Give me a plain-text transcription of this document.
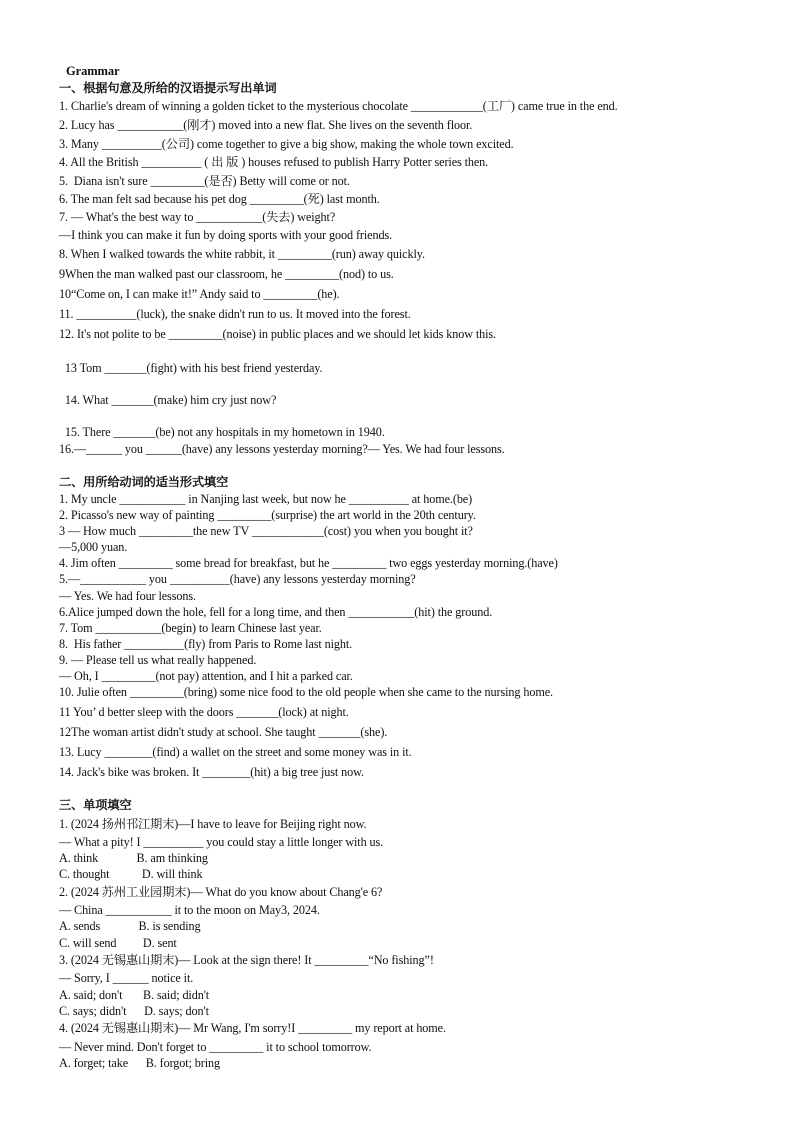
Grammar
一、根据句意及所给的汉语提示写出单词
1. Charlie's dream of winning a golden ticket to the mysterious chocolate ____________(工厂) came true in the end.
2. Lucy has ___________(刚才) moved into a new flat. She lives on the seventh floor.
3. Many __________(公司) come together to give a big show, making the whole town excited.
4. All the British __________ ( 出 版 ) houses refused to publish Harry Potter series then.
5.  Diana isn't sure _________(是否) Betty will come or not.
6. The man felt sad because his pet dog _________(死) last month.
7. — What's the best way to ___________(失去) weight?
—I think you can make it fun by doing sports with your good friends.
8. When I walked towards the white rabbit, it _________(run) away quickly.
9When the man walked past our classroom, he _________(nod) to us.
10“Come on, I can make it!” Andy said to _________(he).
11. __________(luck), the snake didn't run to us. It moved into the forest.
12. It's not polite to be _________(noise) in public places and we should let kids know this.
13 Tom _______(fight) with his best friend yesterday.
14. What _______(make) him cry just now?
15. There _______(be) not any hospitals in my hometown in 1940.
16.—______ you ______(have) any lessons yesterday morning?— Yes. We had four lessons.
二、用所给动词的适当形式填空
1. My uncle ___________ in Nanjing last week, but now he __________ at home.(be)
2. Picasso's new way of painting _________(surprise) the art world in the 20th century.
3 — How much _________the new TV ____________(cost) you when you bought it?
—5,000 yuan.
4. Jim often _________ some bread for breakfast, but he _________ two eggs yesterday morning.(have)
5.—___________ you __________(have) any lessons yesterday morning?
— Yes. We had four lessons.
6.Alice jumped down the hole, fell for a long time, and then ___________(hit) the ground.
7. Tom ___________(begin) to learn Chinese last year.
8.  His father __________(fly) from Paris to Rome last night.
9. — Please tell us what really happened.
— Oh, I _________(not pay) attention, and I hit a parked car.
10. Julie often _________(bring) some nice food to the old people when she came to the nursing home.
11 You’ d better sleep with the doors _______(lock) at night.
12The woman artist didn't study at school. She taught _______(she).
13. Lucy ________(find) a wallet on the street and some money was in it.
14. Jack's bike was broken. It ________(hit) a big tree just now.
三、单项填空
1. (2024 扬州邗江期末)—I have to leave for Beijing right now.
— What a pity! I __________ you could stay a little longer with us.
A. think             B. am thinking
C. thought           D. will think
2. (2024 苏州工业园期末)— What do you know about Chang'e 6?
— China ___________ it to the moon on May3, 2024.
A. sends             B. is sending
C. will send         D. sent
3. (2024 无锡惠山期末)— Look at the sign there! It _________“No fishing”!
— Sorry, I ______ notice it.
A. said; don't       B. said; didn't
C. says; didn't      D. says; don't
4. (2024 无锡惠山期末)— Mr Wang, I'm sorry!I _________ my report at home.
— Never mind. Don't forget to _________ it to school tomorrow.
A. forget; take      B. forgot; bring
